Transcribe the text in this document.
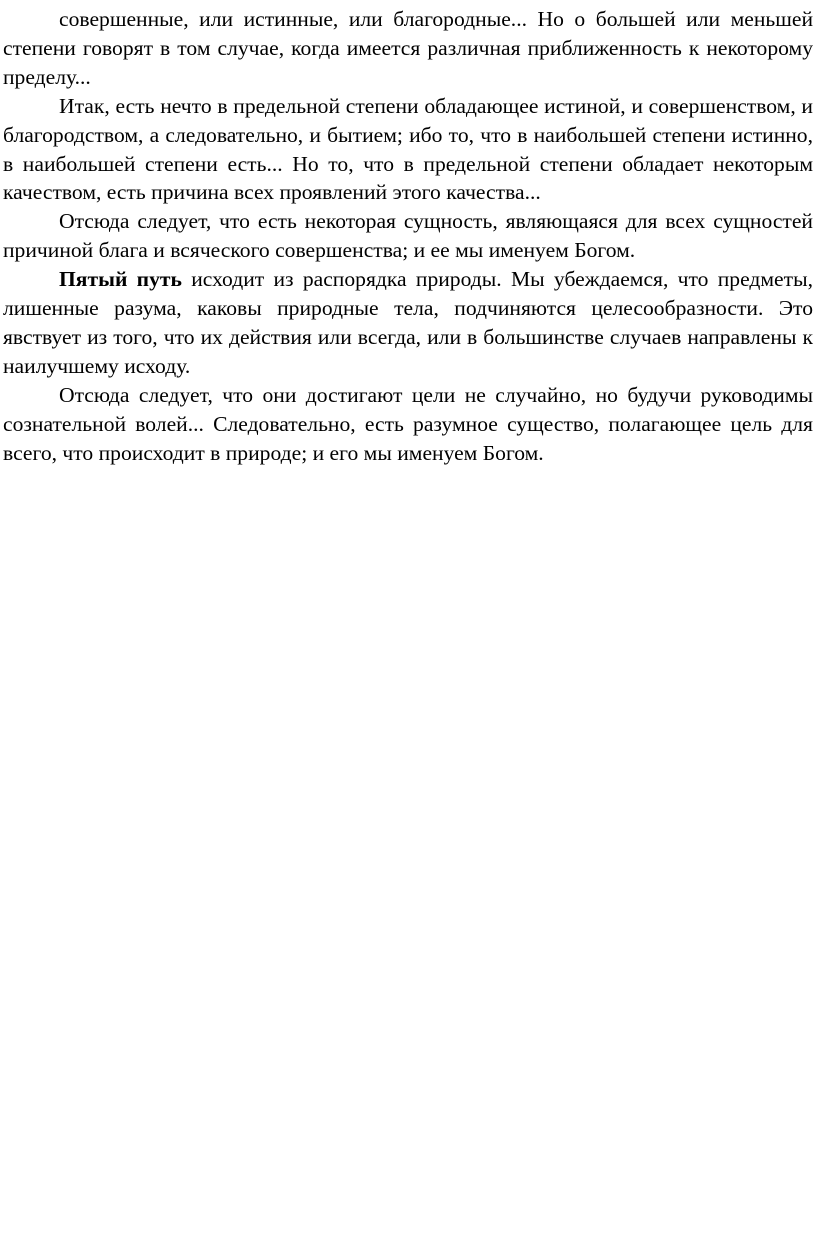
совершенные, или истинные, или благородные... Но о большей или меньшей степени говорят в том случае, когда имеется различная приближенность к некоторому пределу...

Итак, есть нечто в предельной степени обладающее истиной, и совершенством, и благородством, а следовательно, и бытием; ибо то, что в наибольшей степени истинно, в наибольшей степени есть... Но то, что в предельной степени обладает некоторым качеством, есть причина всех проявлений этого качества...

Отсюда следует, что есть некоторая сущность, являющаяся для всех сущностей причиной блага и всяческого совершенства; и ее мы именуем Богом.

Пятый путь исходит из распорядка природы. Мы убеждаемся, что предметы, лишенные разума, каковы природные тела, подчиняются целесообразности. Это явствует из того, что их действия или всегда, или в большинстве случаев направлены к наилучшему исходу.

Отсюда следует, что они достигают цели не случайно, но будучи руководимы сознательной волей... Следовательно, есть разумное существо, полагающее цель для всего, что происходит в природе; и его мы именуем Богом.
